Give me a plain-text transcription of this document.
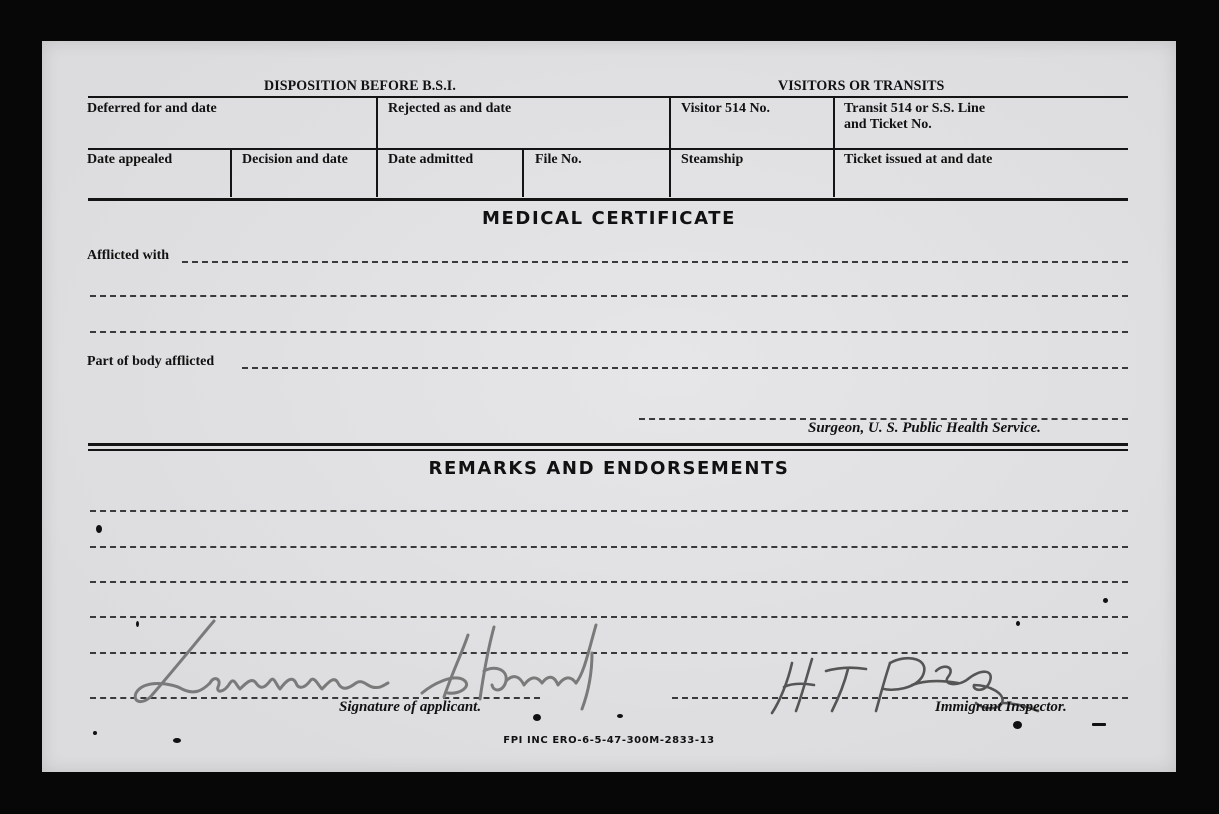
DISPOSITION BEFORE B.S.I.	VISITORS OR TRANSITS
Deferred for and date	Rejected as and date	Visitor 514 No.	Transit 514 or S.S. Line
and Ticket No.
Date appealed	Decision and date	Date admitted	File No.	Steamship	Ticket issued at and date
MEDICAL CERTIFICATE
Afflicted with
Part of body afflicted
Surgeon, U. S. Public Health Service.
REMARKS AND ENDORSEMENTS
Signature of applicant.	Immigrant Inspector.
FPI INC ERO-6-5-47-300M-2833-13
